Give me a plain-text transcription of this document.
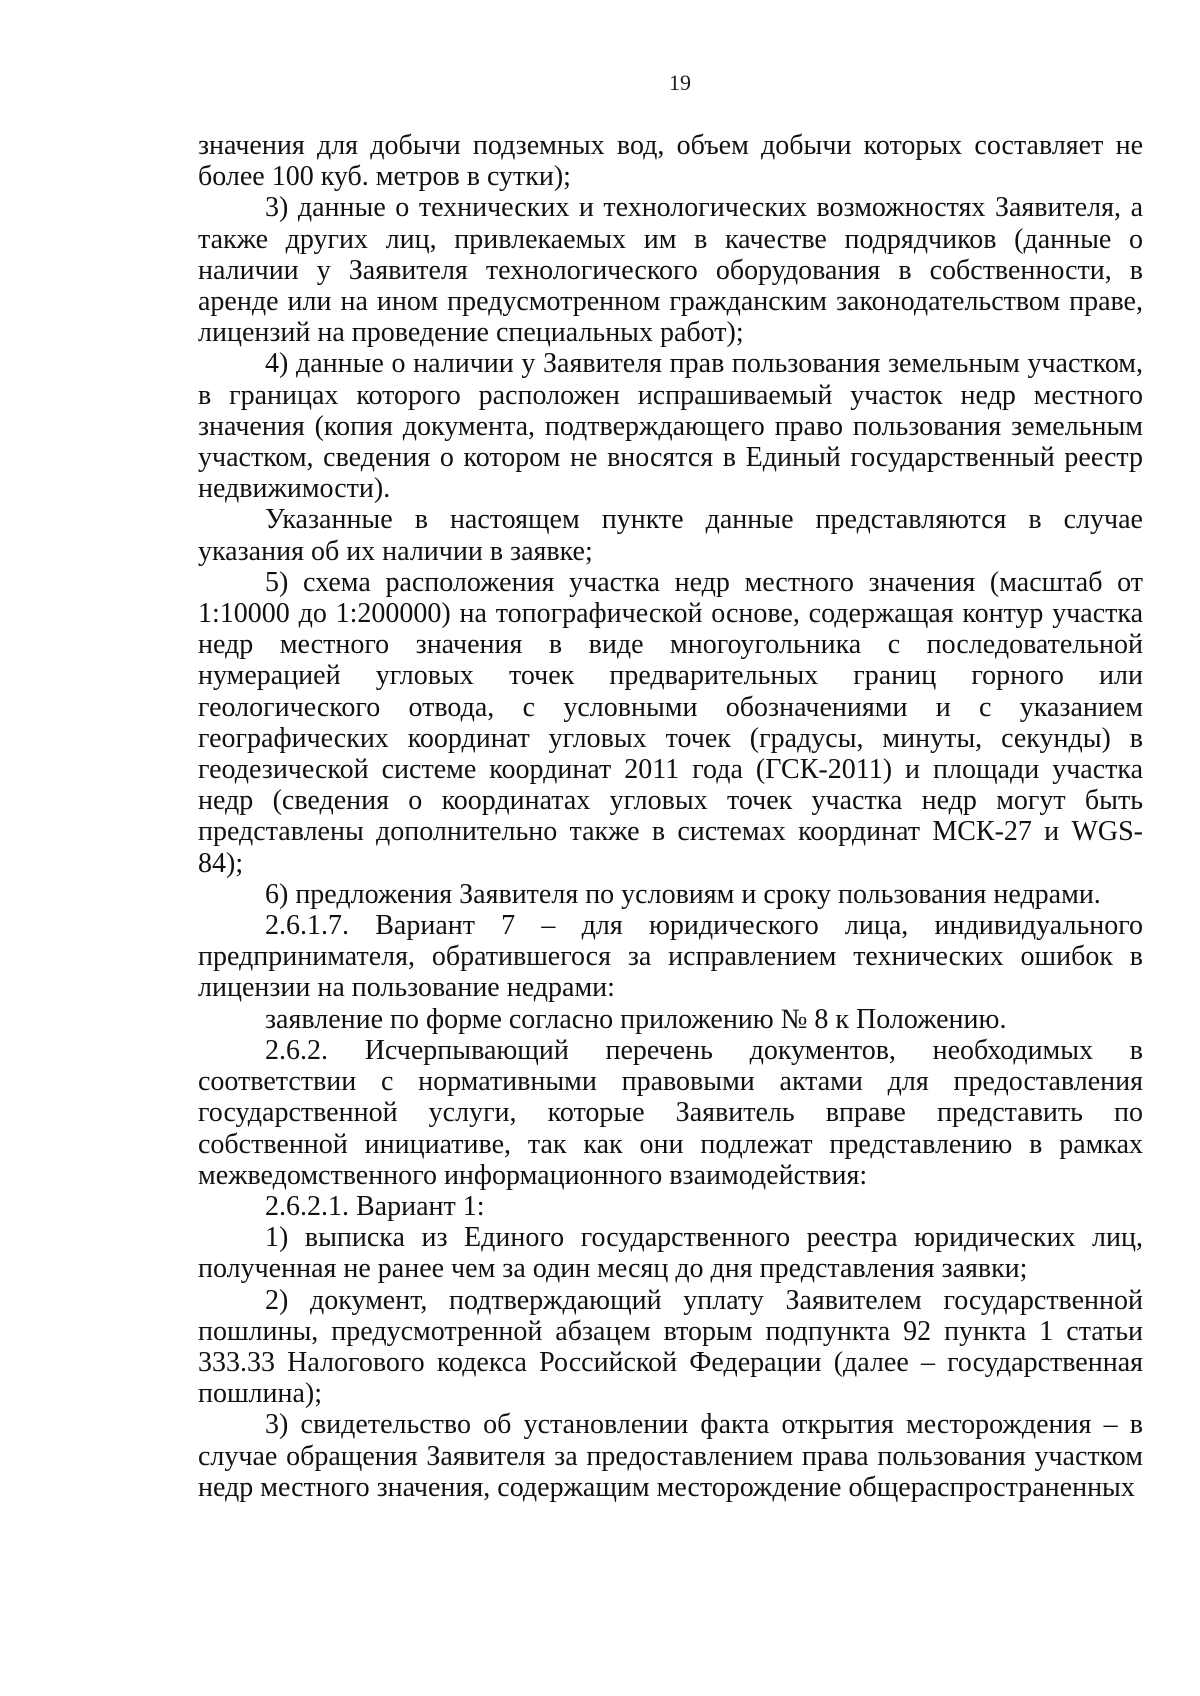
19

значения для добычи подземных вод, объем добычи которых составляет не более 100 куб. метров в сутки);

3) данные о технических и технологических возможностях Заявителя, а также других лиц, привлекаемых им в качестве подрядчиков (данные о наличии у Заявителя технологического оборудования в собственности, в аренде или на ином предусмотренном гражданским законодательством праве, лицензий на проведение специальных работ);

4) данные о наличии у Заявителя прав пользования земельным участком, в границах которого расположен испрашиваемый участок недр местного значения (копия документа, подтверждающего право пользования земельным участком, сведения о котором не вносятся в Единый государственный реестр недвижимости).

Указанные в настоящем пункте данные представляются в случае указания об их наличии в заявке;

5) схема расположения участка недр местного значения (масштаб от 1:10000 до 1:200000) на топографической основе, содержащая контур участка недр местного значения в виде многоугольника с последовательной нумерацией угловых точек предварительных границ горного или геологического отвода, с условными обозначениями и с указанием географических координат угловых точек (градусы, минуты, секунды) в геодезической системе координат 2011 года (ГСК-2011) и площади участка недр (сведения о координатах угловых точек участка недр могут быть представлены дополнительно также в системах координат МСК-27 и WGS-84);

6) предложения Заявителя по условиям и сроку пользования недрами.

2.6.1.7. Вариант 7 – для юридического лица, индивидуального предпринимателя, обратившегося за исправлением технических ошибок в лицензии на пользование недрами:

заявление по форме согласно приложению № 8 к Положению.

2.6.2. Исчерпывающий перечень документов, необходимых в соответствии с нормативными правовыми актами для предоставления государственной услуги, которые Заявитель вправе представить по собственной инициативе, так как они подлежат представлению в рамках межведомственного информационного взаимодействия:

2.6.2.1. Вариант 1:

1) выписка из Единого государственного реестра юридических лиц, полученная не ранее чем за один месяц до дня представления заявки;

2) документ, подтверждающий уплату Заявителем государственной пошлины, предусмотренной абзацем вторым подпункта 92 пункта 1 статьи 333.33 Налогового кодекса Российской Федерации (далее – государственная пошлина);

3) свидетельство об установлении факта открытия месторождения – в случае обращения Заявителя за предоставлением права пользования участком недр местного значения, содержащим месторождение общераспространенных
